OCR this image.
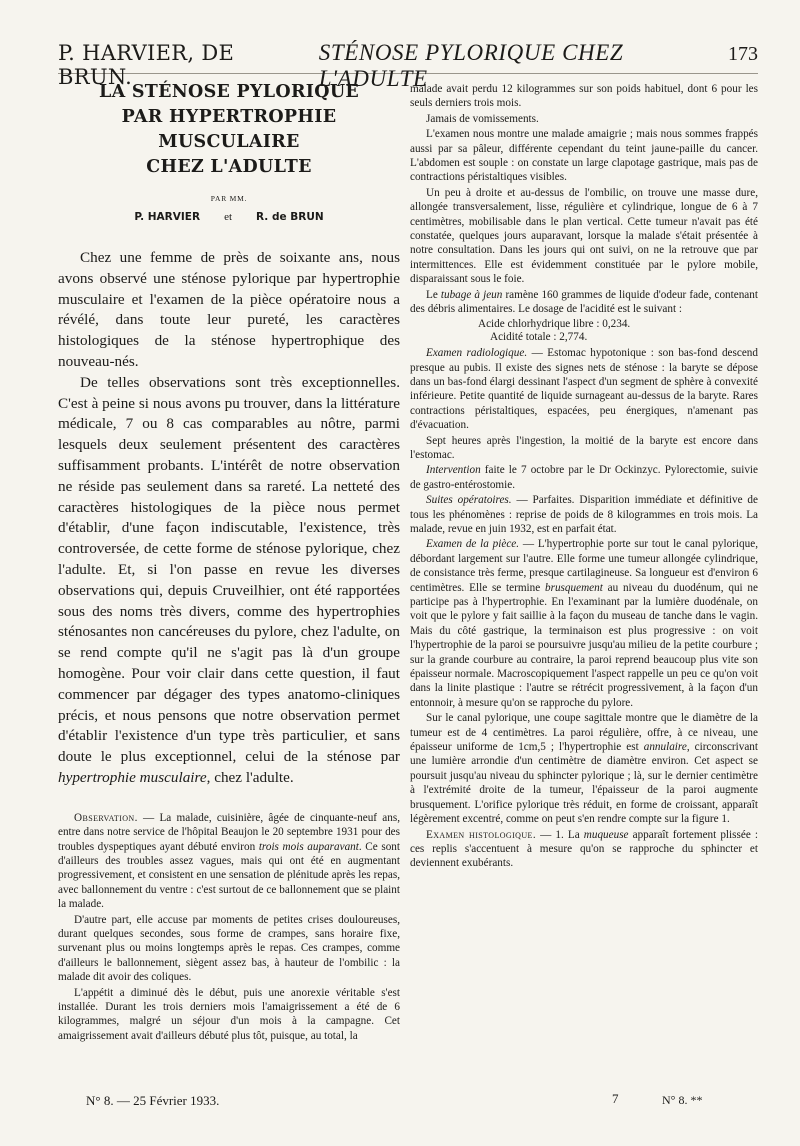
P. HARVIER, DE BRUN.
STÉNOSE PYLORIQUE CHEZ L'ADULTE
173
LA STÉNOSE PYLORIQUE
PAR HYPERTROPHIE
MUSCULAIRE
CHEZ L'ADULTE
PAR MM.
P. HARVIER et R. de BRUN

Chez une femme de près de soixante ans, nous avons observé une sténose pylorique par hypertrophie musculaire et l'examen de la pièce opératoire nous a révélé, dans toute leur pureté, les caractères histologiques de la sténose hypertrophique des nouveau-nés.

De telles observations sont très exceptionnelles. C'est à peine si nous avons pu trouver, dans la littérature médicale, 7 ou 8 cas comparables au nôtre, parmi lesquels deux seulement présentent des caractères suffisamment probants. L'intérêt de notre observation ne réside pas seulement dans sa rareté. La netteté des caractères histologiques de la pièce nous permet d'établir, d'une façon indiscutable, l'existence, très controversée, de cette forme de sténose pylorique, chez l'adulte. Et, si l'on passe en revue les diverses observations qui, depuis Cruveilhier, ont été rapportées sous des noms très divers, comme des hypertrophies sténosantes non cancéreuses du pylore, chez l'adulte, on se rend compte qu'il ne s'agit pas là d'un groupe homogène. Pour voir clair dans cette question, il faut commencer par dégager des types anatomo-cliniques précis, et nous pensons que notre observation permet d'établir l'existence d'un type très particulier, et sans doute le plus exceptionnel, celui de la sténose par hypertrophie musculaire, chez l'adulte.

Observation. — La malade, cuisinière, âgée de cinquante-neuf ans, entre dans notre service de l'hôpital Beaujon le 20 septembre 1931 pour des troubles dyspeptiques ayant débuté environ trois mois auparavant. Ce sont d'ailleurs des troubles assez vagues, mais qui ont été en augmentant progressivement, et consistent en une sensation de plénitude après les repas, avec ballonnement du ventre : c'est surtout de ce ballonnement que se plaint la malade.

D'autre part, elle accuse par moments de petites crises douloureuses, durant quelques secondes, sous forme de crampes, sans horaire fixe, survenant plus ou moins longtemps après le repas. Ces crampes, comme d'ailleurs le ballonnement, siègent assez bas, à hauteur de l'ombilic : la malade dit avoir des coliques.

L'appétit a diminué dès le début, puis une anorexie véritable s'est installée. Durant les trois derniers mois l'amaigrissement a été de 6 kilogrammes, malgré un séjour d'un mois à la campagne. Cet amaigrissement avait d'ailleurs débuté plus tôt, puisque, au total, la

malade avait perdu 12 kilogrammes sur son poids habituel, dont 6 pour les seuls derniers trois mois.

Jamais de vomissements.

L'examen nous montre une malade amaigrie ; mais nous sommes frappés aussi par sa pâleur, différente cependant du teint jaune-paille du cancer. L'abdomen est souple : on constate un large clapotage gastrique, mais pas de contractions péristaltiques visibles.

Un peu à droite et au-dessus de l'ombilic, on trouve une masse dure, allongée transversalement, lisse, régulière et cylindrique, longue de 6 à 7 centimètres, mobilisable dans le plan vertical. Cette tumeur n'avait pas été constatée, quelques jours auparavant, lorsque la malade s'était présentée à notre consultation. Dans les jours qui ont suivi, on ne la retrouve que par intermittences. Elle est évidemment constituée par le pylore mobile, disparaissant sous le foie.

Le tubage à jeun ramène 160 grammes de liquide d'odeur fade, contenant des débris alimentaires. Le dosage de l'acidité est le suivant :

Acide chlorhydrique libre : 0,234.
Acidité totale : 2,774.

Examen radiologique. — Estomac hypotonique : son bas-fond descend presque au pubis. Il existe des signes nets de sténose : la baryte se dépose dans un bas-fond élargi dessinant l'aspect d'un segment de sphère à convexité inférieure. Petite quantité de liquide surnageant au-dessus de la baryte. Rares contractions péristaltiques, espacées, peu énergiques, n'amenant pas d'évacuation.

Sept heures après l'ingestion, la moitié de la baryte est encore dans l'estomac.

Intervention faite le 7 octobre par le Dr Ockinzyc. Pylorectomie, suivie de gastro-entérostomie.

Suites opératoires. — Parfaites. Disparition immédiate et définitive de tous les phénomènes : reprise de poids de 8 kilogrammes en trois mois. La malade, revue en juin 1932, est en parfait état.

Examen de la pièce. — L'hypertrophie porte sur tout le canal pylorique, débordant largement sur l'autre. Elle forme une tumeur allongée cylindrique, de consistance très ferme, presque cartilagineuse. Sa longueur est d'environ 6 centimètres. Elle se termine brusquement au niveau du duodénum, qui ne participe pas à l'hypertrophie. En l'examinant par la lumière duodénale, on voit que le pylore y fait saillie à la façon du museau de tanche dans le vagin. Mais du côté gastrique, la terminaison est plus progressive : on voit l'hypertrophie de la paroi se poursuivre jusqu'au milieu de la petite courbure ; sur la grande courbure au contraire, la paroi reprend beaucoup plus vite son épaisseur normale. Macroscopiquement l'aspect rappelle un peu ce qu'on voit dans la linite plastique : l'autre se rétrécit progressivement, à la façon d'un entonnoir, à mesure qu'on se rapproche du pylore.

Sur le canal pylorique, une coupe sagittale montre que le diamètre de la tumeur est de 4 centimètres. La paroi régulière, offre, à ce niveau, une épaisseur uniforme de 1cm,5 ; l'hypertrophie est annulaire, circonscrivant une lumière arrondie d'un centimètre de diamètre environ. Cet aspect se poursuit jusqu'au niveau du sphincter pylorique ; là, sur le dernier centimètre à l'extrémité droite de la tumeur, l'épaisseur de la paroi augmente brusquement. L'orifice pylorique très réduit, en forme de croissant, apparaît légèrement excentré, comme on peut s'en rendre compte sur la figure 1.

Examen histologique. — 1. La muqueuse apparaît fortement plissée : ces replis s'accentuent à mesure qu'on se rapproche du sphincter et deviennent exubérants.

N° 8. — 25 Février 1933.	7	N° 8. **
